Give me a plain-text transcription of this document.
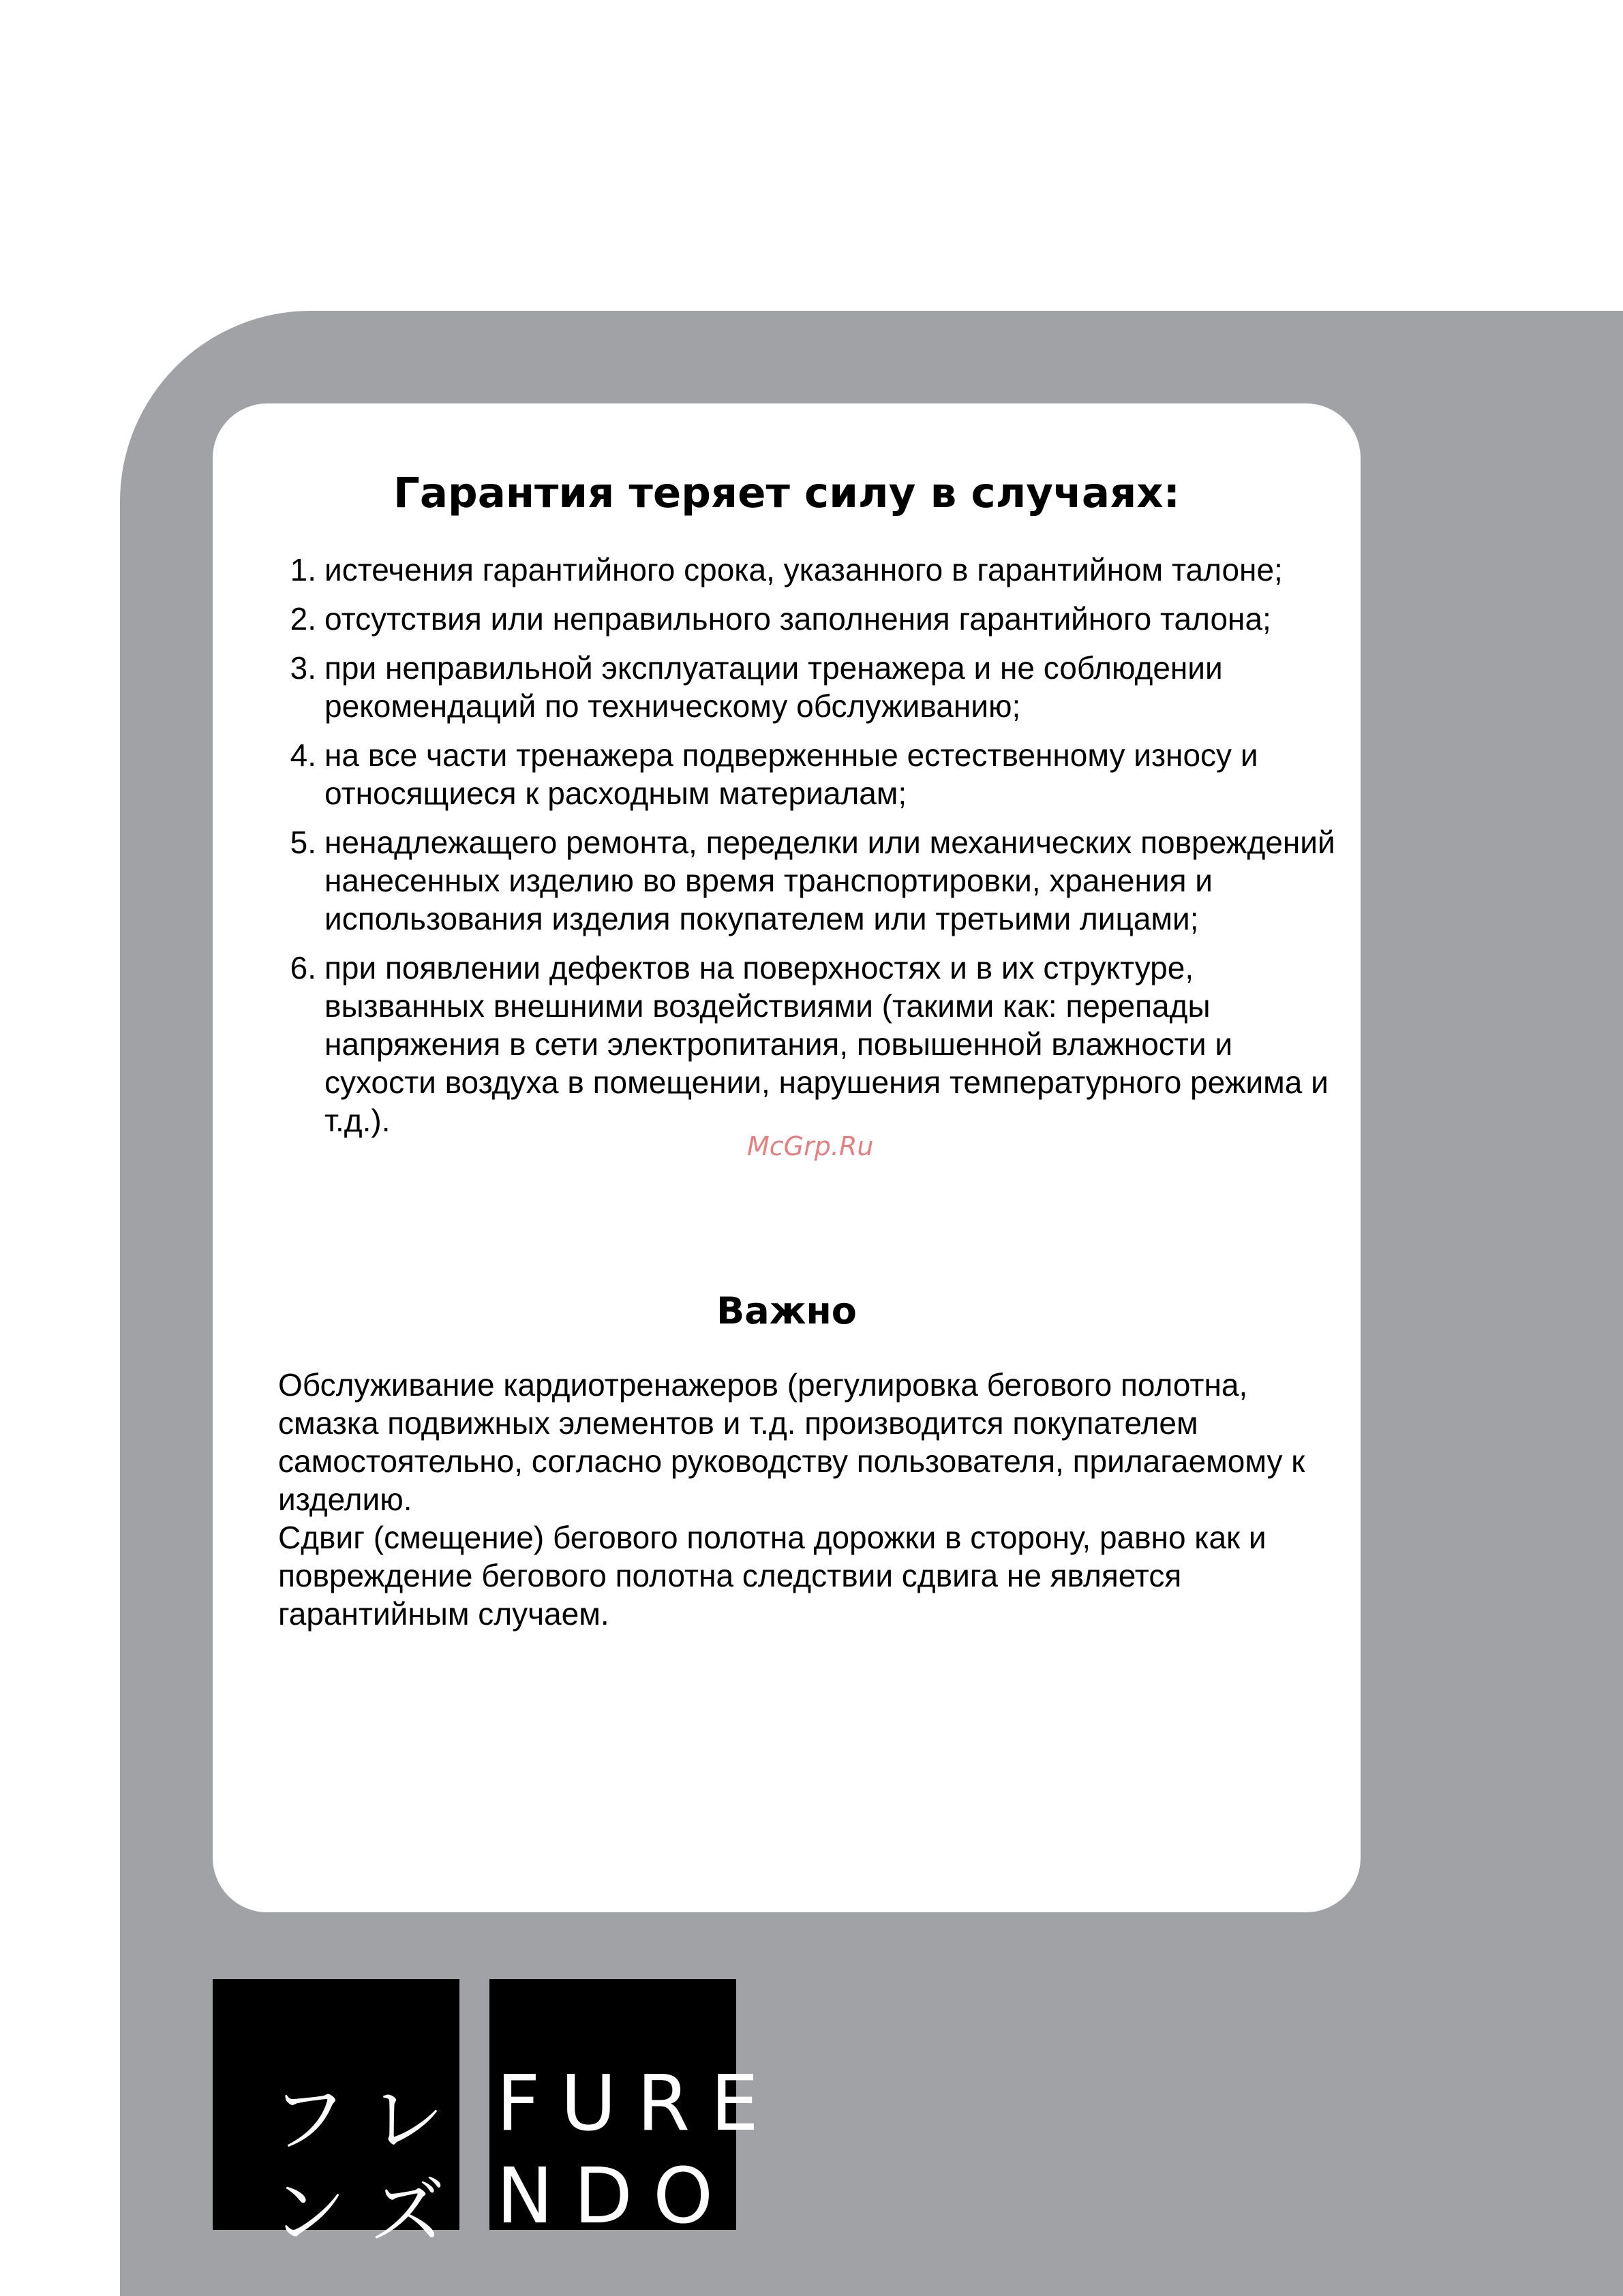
Гарантия теряет силу в случаях:
1. истечения гарантийного срока, указанного в гарантийном талоне;
2. отсутствия или неправильного заполнения гарантийного талона;
3. при неправильной эксплуатации тренажера и не соблюдении рекомендаций по техническому обслуживанию;
4. на все части тренажера подверженные естественному износу и относящиеся к расходным материалам;
5. ненадлежащего ремонта, переделки или механических повреждений нанесенных изделию во время транспортировки, хранения и использования изделия покупателем или третьими лицами;
6. при появлении дефектов на поверхностях и в их структуре, вызванных внешними воздействиями (такими как: перепады напряжения в сети электропитания, повышенной влажности и сухости воздуха в помещении, нарушения температурного режима и т.д.).
Важно

Обслуживание кардиотренажеров (регулировка бегового полотна, смазка подвижных элементов и т.д. производится покупателем самостоятельно, согласно руководству пользователя, прилагаемому к изделию.

Сдвиг (смещение) бегового полотна дорожки в сторону, равно как и повреждение бегового полотна следствии сдвига не является гарантийным случаем.

McGrp.Ru
フレ
ンズ
FURE
NDO
